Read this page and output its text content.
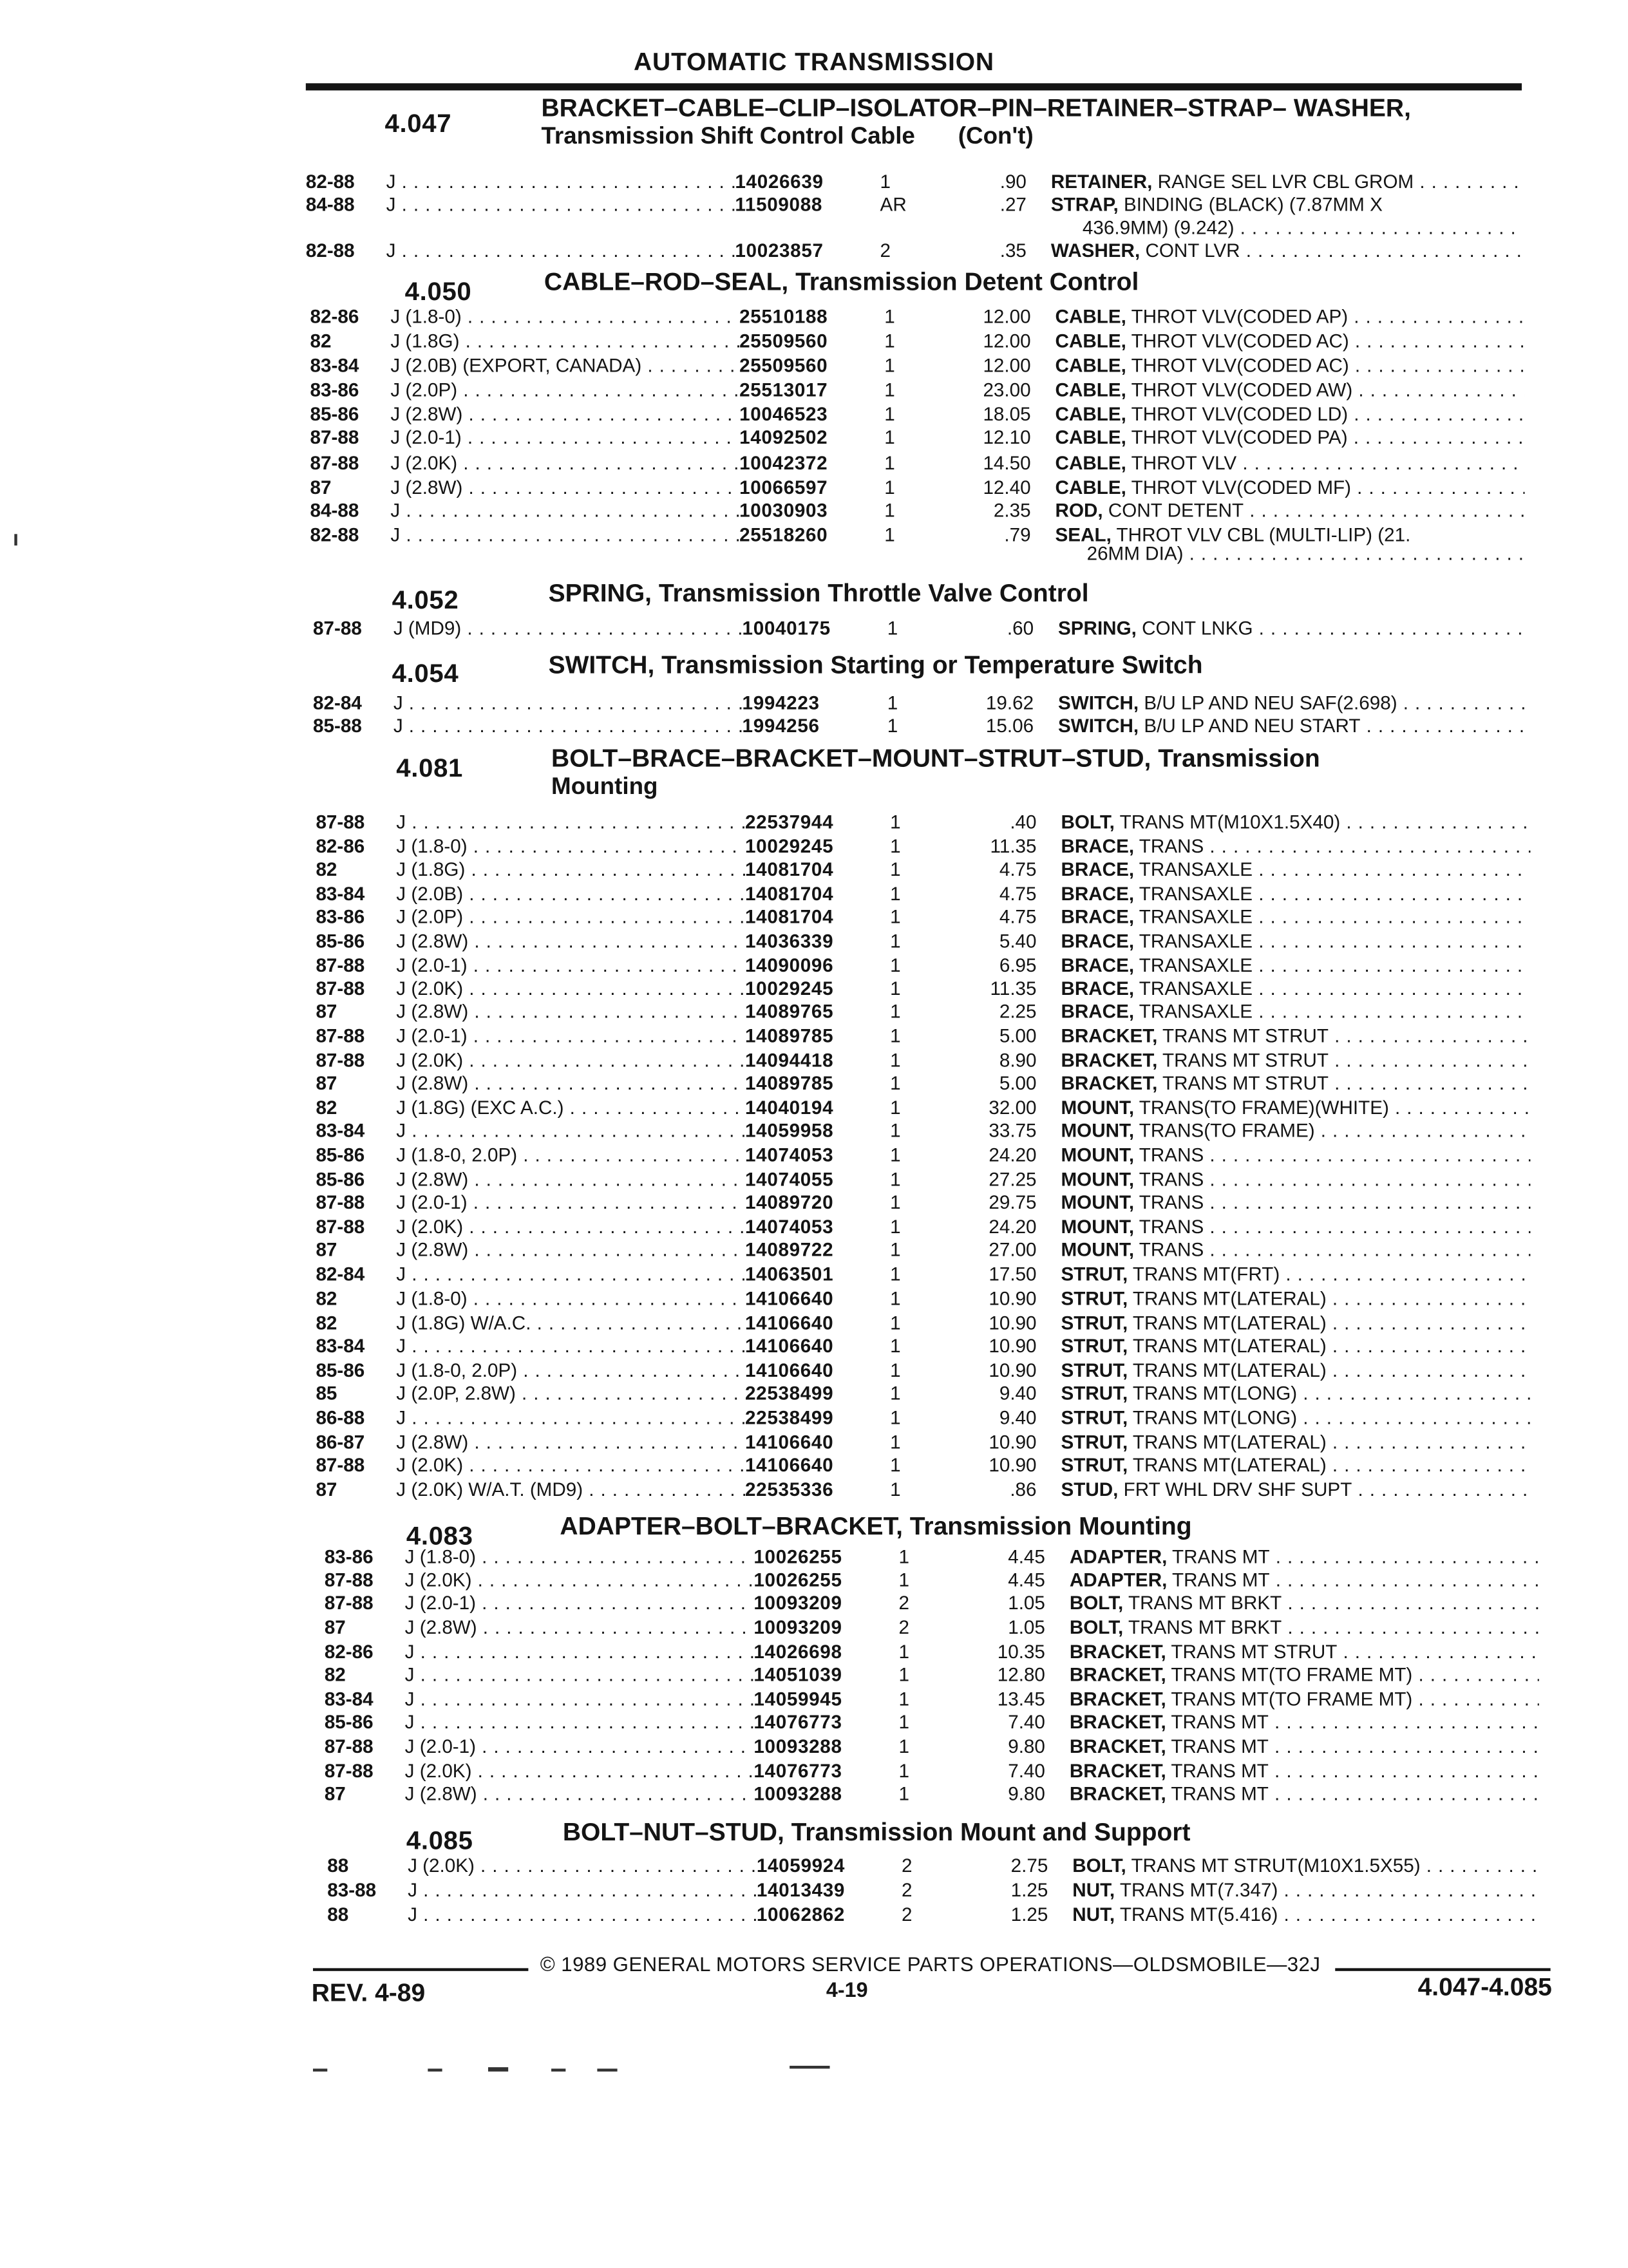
AUTOMATIC TRANSMISSION
4.047
BRACKET–CABLE–CLIP–ISOLATOR–PIN–RETAINER–STRAP– WASHER,
Transmission Shift Control Cable	(Con't)
82-88	J . . .	14026639	1	.90	RETAINER, RANGE SEL LVR CBL GROM . . .
84-88	J . . .	11509088	AR	.27	STRAP, BINDING (BLACK) (7.87MM X
436.9MM) (9.242) . . .
82-88	J . . .	10023857	2	.35	WASHER, CONT LVR . . .
4.050	CABLE–ROD–SEAL, Transmission Detent Control
82-86	J (1.8-0) . . .	25510188	1	12.00	CABLE, THROT VLV(CODED AP) . . .
82	J (1.8G) . . .	25509560	1	12.00	CABLE, THROT VLV(CODED AC) . . .
83-84	J (2.0B) (EXPORT, CANADA) . . .	25509560	1	12.00	CABLE, THROT VLV(CODED AC) . . .
83-86	J (2.0P) . . .	25513017	1	23.00	CABLE, THROT VLV(CODED AW) . . .
85-86	J (2.8W) . . .	10046523	1	18.05	CABLE, THROT VLV(CODED LD) . . .
87-88	J (2.0-1) . . .	14092502	1	12.10	CABLE, THROT VLV(CODED PA) . . .
87-88	J (2.0K) . . .	10042372	1	14.50	CABLE, THROT VLV . . .
87	J (2.8W) . . .	10066597	1	12.40	CABLE, THROT VLV(CODED MF) . . .
84-88	J . . .	10030903	1	2.35	ROD, CONT DETENT . . .
82-88	J . . .	25518260	1	.79	SEAL, THROT VLV CBL (MULTI-LIP) (21.
26MM DIA) . . .
4.052	SPRING, Transmission Throttle Valve Control
87-88	J (MD9) . . .	10040175	1	.60	SPRING, CONT LNKG . . .
4.054	SWITCH, Transmission Starting or Temperature Switch
82-84	J . . .	1994223	1	19.62	SWITCH, B/U LP AND NEU SAF(2.698) . . .
85-88	J . . .	1994256	1	15.06	SWITCH, B/U LP AND NEU START . . .
4.081	BOLT–BRACE–BRACKET–MOUNT–STRUT–STUD, Transmission
Mounting
87-88	J . . .	22537944	1	.40	BOLT, TRANS MT(M10X1.5X40) . . .
82-86	J (1.8-0) . . .	10029245	1	11.35	BRACE, TRANS . . .
82	J (1.8G) . . .	14081704	1	4.75	BRACE, TRANSAXLE . . .
83-84	J (2.0B) . . .	14081704	1	4.75	BRACE, TRANSAXLE . . .
83-86	J (2.0P) . . .	14081704	1	4.75	BRACE, TRANSAXLE . . .
85-86	J (2.8W) . . .	14036339	1	5.40	BRACE, TRANSAXLE . . .
87-88	J (2.0-1) . . .	14090096	1	6.95	BRACE, TRANSAXLE . . .
87-88	J (2.0K) . . .	10029245	1	11.35	BRACE, TRANSAXLE . . .
87	J (2.8W) . . .	14089765	1	2.25	BRACE, TRANSAXLE . . .
87-88	J (2.0-1) . . .	14089785	1	5.00	BRACKET, TRANS MT STRUT . . .
87-88	J (2.0K) . . .	14094418	1	8.90	BRACKET, TRANS MT STRUT . . .
87	J (2.8W) . . .	14089785	1	5.00	BRACKET, TRANS MT STRUT . . .
82	J (1.8G) (EXC A.C.) . . .	14040194	1	32.00	MOUNT, TRANS(TO FRAME)(WHITE) . . .
83-84	J . . .	14059958	1	33.75	MOUNT, TRANS(TO FRAME) . . .
85-86	J (1.8-0, 2.0P) . . .	14074053	1	24.20	MOUNT, TRANS . . .
85-86	J (2.8W) . . .	14074055	1	27.25	MOUNT, TRANS . . .
87-88	J (2.0-1) . . .	14089720	1	29.75	MOUNT, TRANS . . .
87-88	J (2.0K) . . .	14074053	1	24.20	MOUNT, TRANS . . .
87	J (2.8W) . . .	14089722	1	27.00	MOUNT, TRANS . . .
82-84	J . . .	14063501	1	17.50	STRUT, TRANS MT(FRT) . . .
82	J (1.8-0) . . .	14106640	1	10.90	STRUT, TRANS MT(LATERAL) . . .
82	J (1.8G) W/A.C. . . .	14106640	1	10.90	STRUT, TRANS MT(LATERAL) . . .
83-84	J . . .	14106640	1	10.90	STRUT, TRANS MT(LATERAL) . . .
85-86	J (1.8-0, 2.0P) . . .	14106640	1	10.90	STRUT, TRANS MT(LATERAL) . . .
85	J (2.0P, 2.8W) . . .	22538499	1	9.40	STRUT, TRANS MT(LONG) . . .
86-88	J . . .	22538499	1	9.40	STRUT, TRANS MT(LONG) . . .
86-87	J (2.8W) . . .	14106640	1	10.90	STRUT, TRANS MT(LATERAL) . . .
87-88	J (2.0K) . . .	14106640	1	10.90	STRUT, TRANS MT(LATERAL) . . .
87	J (2.0K) W/A.T. (MD9) . . .	22535336	1	.86	STUD, FRT WHL DRV SHF SUPT . . .
4.083	ADAPTER–BOLT–BRACKET, Transmission Mounting
83-86	J (1.8-0) . . .	10026255	1	4.45	ADAPTER, TRANS MT . . .
87-88	J (2.0K) . . .	10026255	1	4.45	ADAPTER, TRANS MT . . .
87-88	J (2.0-1) . . .	10093209	2	1.05	BOLT, TRANS MT BRKT . . .
87	J (2.8W) . . .	10093209	2	1.05	BOLT, TRANS MT BRKT . . .
82-86	J . . .	14026698	1	10.35	BRACKET, TRANS MT STRUT . . .
82	J . . .	14051039	1	12.80	BRACKET, TRANS MT(TO FRAME MT) . . .
83-84	J . . .	14059945	1	13.45	BRACKET, TRANS MT(TO FRAME MT) . . .
85-86	J . . .	14076773	1	7.40	BRACKET, TRANS MT . . .
87-88	J (2.0-1) . . .	10093288	1	9.80	BRACKET, TRANS MT . . .
87-88	J (2.0K) . . .	14076773	1	7.40	BRACKET, TRANS MT . . .
87	J (2.8W) . . .	10093288	1	9.80	BRACKET, TRANS MT . . .
4.085	BOLT–NUT–STUD, Transmission Mount and Support
88	J (2.0K) . . .	14059924	2	2.75	BOLT, TRANS MT STRUT(M10X1.5X55) . . .
83-88	J . . .	14013439	2	1.25	NUT, TRANS MT(7.347) . . .
88	J . . .	10062862	2	1.25	NUT, TRANS MT(5.416) . . .
© 1989 GENERAL MOTORS SERVICE PARTS OPERATIONS—OLDSMOBILE—32J
REV. 4-89	4-19	4.047-4.085
